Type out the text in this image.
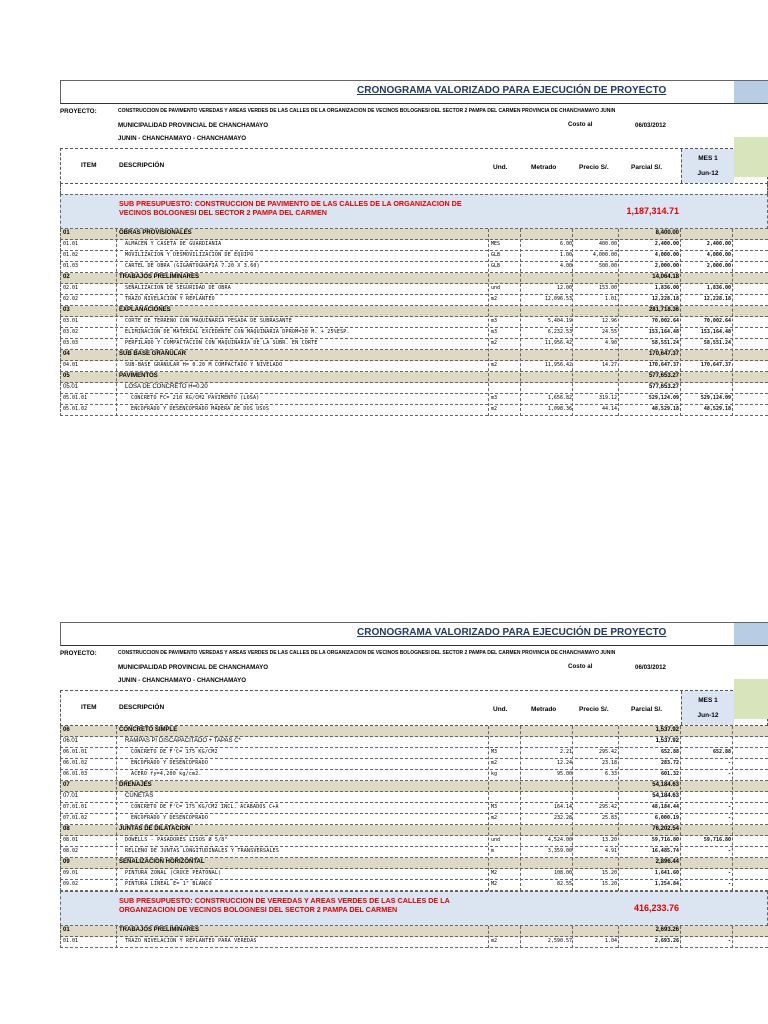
CRONOGRAMA VALORIZADO PARA EJECUCIÓN DE PROYECTO
PROYECTO:	CONSTRUCCION DE PAVIMENTO VEREDAS Y AREAS VERDES DE LAS CALLES DE LA ORGANIZACION DE VECINOS BOLOGNESI DEL SECTOR 2 PAMPA DEL CARMEN PROVINCIA DE CHANCHAMAYO JUNIN
MUNICIPALIDAD PROVINCIAL DE CHANCHAMAYO	Costo al	06/03/2012
JUNIN - CHANCHAMAYO - CHANCHAMAYO
ITEM	DESCRIPCIÓN	Und.	Metrado	Precio S/.	Parcial S/.
MES 1
Jun-12
SUB PRESUPUESTO: CONSTRUCCION DE PAVIMENTO DE LAS CALLES DE LA ORGANIZACION DE VECINOS BOLOGNESI DEL SECTOR 2 PAMPA DEL CARMEN	1,187,314.71
01	OBRAS PROVISIONALES	8,400.00
01.01	ALMACEN Y CASETA DE GUARDIANIA	MES	6.00	400.00	2,400.00	2,400.00
01.02	MOVILIZACION Y DESMOVILIZACION DE EQUIPO	GLB	1.00	4,000.00	4,000.00	4,000.00
01.03	CARTEL DE OBRA (GIGANTOGRAFIA 7.20 X 3.60)	GLB	4.00	500.00	2,000.00	2,000.00
02	TRABAJOS PRELIMINARES	14,064.18
02.01	SEÑALIZACION DE SEGURIDAD DE OBRA	und	12.00	153.00	1,836.00	1,836.00
02.02	TRAZO NIVELACION Y REPLANTEO	m2	12,096.53	1.01	12,228.18	12,228.18
03	EXPLANACIONES	281,718.36
03.01	CORTE DE TERRENO CON MAQUINARIA PESADA DE SUBRASANTE	m3	5,404.19	12.96	70,002.64	70,002.64
03.02	ELIMINACION DE MATERIAL EXCEDENTE CON MAQUINARIA DPROM=30 M. + 25%ESP.	m3	6,232.53	24.55	153,164.48	153,164.48
03.03	PERFILADO Y COMPACTACION CON MAQUINARIA DE LA SUBR. EN CORTE	m2	11,956.42	4.90	58,551.24	58,551.24
04	SUB BASE GRANULAR	170,647.37
04.01	SUB-BASE GRANULAR H= 0.20 M COMPACTADO Y NIVELADO	m2	11,956.42	14.27	170,647.37	170,647.37
05	PAVIMENTOS	577,653.27
05.01	LOSA DE CONCRETO H=0.20	577,653.27
05.01.01	CONCRETO FC= 210 KG/CM2 PAVIMENTO (LOSA)	m3	1,656.82	319.12	529,124.09	529,124.09
05.01.02	ENCOFRADO Y DESENCOFRADO MADERA DE DOS USOS	m2	1,098.36	44.14	48,529.18	48,529.18
CRONOGRAMA VALORIZADO PARA EJECUCIÓN DE PROYECTO
PROYECTO:	CONSTRUCCION DE PAVIMENTO VEREDAS Y AREAS VERDES DE LAS CALLES DE LA ORGANIZACION DE VECINOS BOLOGNESI DEL SECTOR 2 PAMPA DEL CARMEN PROVINCIA DE CHANCHAMAYO JUNIN
MUNICIPALIDAD PROVINCIAL DE CHANCHAMAYO	Costo al	06/03/2012
JUNIN - CHANCHAMAYO - CHANCHAMAYO
ITEM	DESCRIPCIÓN	Und.	Metrado	Precio S/.	Parcial S/.
MES 1
Jun-12
06	CONCRETO SIMPLE	1,537.92
06.01	RAMPAS P/ DISCAPACITADO + TAPAS C*	1,537.92
06.01.01	CONCRETO DE F'C= 175 KG/CM2	M3	2.21	295.42	652.88	652.88
06.01.02	ENCOFRADO Y DESENCOFRADO	m2	12.24	23.18	283.72	-
06.01.03	ACERO fy=4,200 kg/cm2.	kg	95.00	6.33	601.32	-
07	DRENAJES	54,184.63
07.01	CUNETAS	54,184.63
07.01.01	CONCRETO DE F'C= 175 KG/CM2 INCL. ACABADOS C+A	M3	164.14	295.42	48,184.44	-
07.01.02	ENCOFRADO Y DESENCOFRADO	m2	232.28	25.83	6,000.19	-
08	JUNTAS DE DILATACION	76,202.54
08.01	DOWELLS - PASADORES LISOS Ø 5/8"	und	4,524.00	13.20	59,716.80	59,716.80
08.02	RELLENO DE JUNTAS LONGITUDINALES Y TRANSVERSALES	m	3,359.00	4.91	16,485.74	-
09	SEÑALIZACION HORIZONTAL	2,896.44
09.01	PINTURA ZONAL (CRUCE PEATONAL)	M2	108.00	15.20	1,641.60	-
09.02	PINTURA LINEAL E= 1" BLANCO	M2	82.55	15.20	1,254.84	-
SUB PRESUPUESTO: CONSTRUCCION DE VEREDAS Y AREAS VERDES DE LAS CALLES DE LA ORGANIZACION DE VECINOS BOLOGNESI DEL SECTOR 2 PAMPA DEL CARMEN	416,233.76
01	TRABAJOS PRELIMINARES	2,693.26
01.01	TRAZO NIVELACION Y REPLANTEO PARA VEREDAS	m2	2,590.57	1.04	2,693.26	-
